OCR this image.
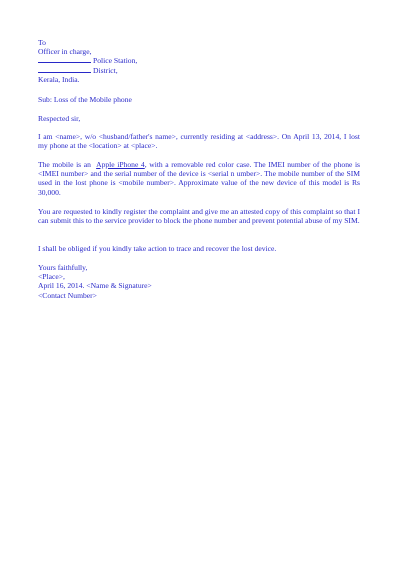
To
Officer in charge,
Police Station,
District,
Kerala, India.
Sub: Loss of the Mobile phone
Respected sir,

I am <name>, w/o <husband/father's name>, currently residing at <address>. On April 13, 2014, I lost my phone at the <location> at <place>.

The mobile is an Apple iPhone 4, with a removable red color case. The IMEI number of the phone is <IMEI number> and the serial number of the device is <serial n umber>. The mobile number of the SIM used in the lost phone is <mobile number>. Approximate value of the new device of this model is Rs 30,000.

You are requested to kindly register the complaint and give me an attested copy of this complaint so that I can submit this to the service provider to block the phone number and prevent potential abuse of my SIM.

I shall be obliged if you kindly take action to trace and recover the lost device.

Yours faithfully,
<Place>,
April 16, 2014. <Name & Signature>
<Contact Number>
